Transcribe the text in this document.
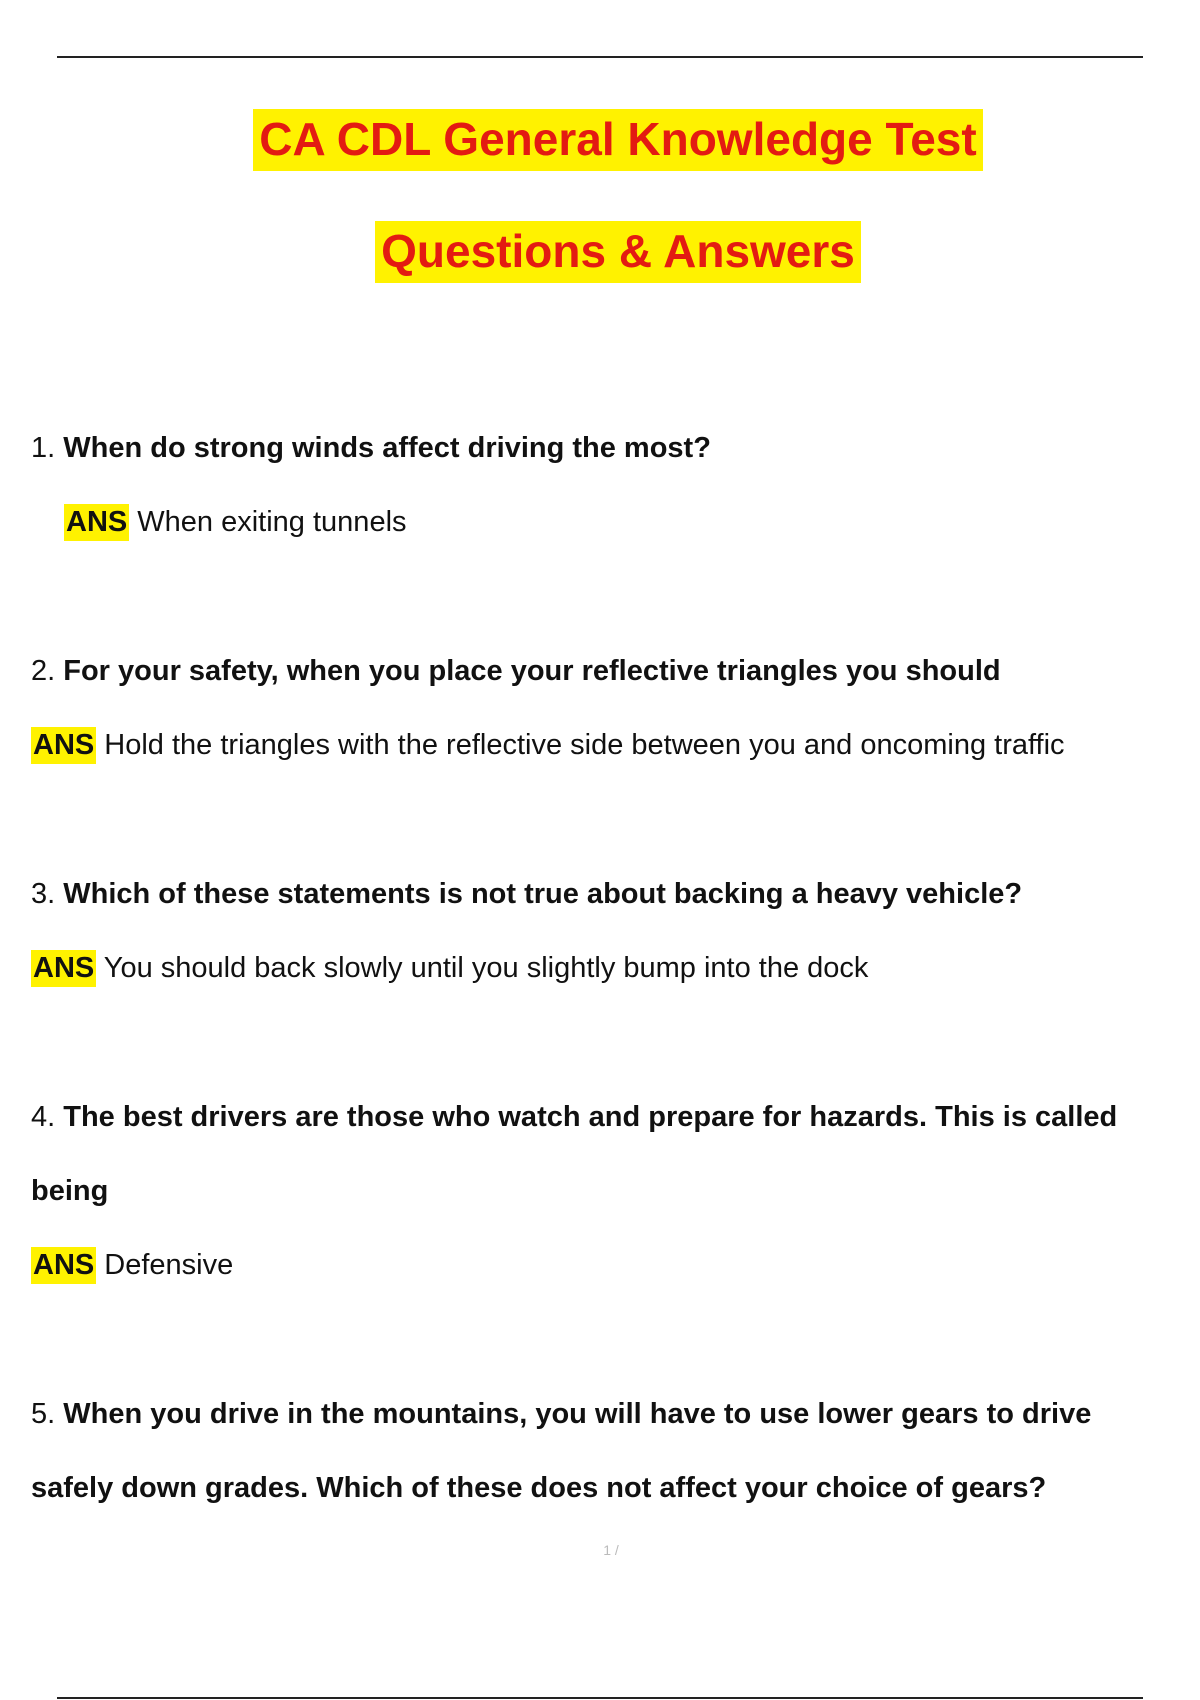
CA CDL General Knowledge Test
Questions & Answers
1. When do strong winds affect driving the most?
ANS When exiting tunnels
2. For your safety, when you place your reflective triangles you should
ANS Hold the triangles with the reflective side between you and oncoming traffic
3. Which of these statements is not true about backing a heavy vehicle?
ANS You should back slowly until you slightly bump into the dock
4. The best drivers are those who watch and prepare for hazards. This is called
being
ANS Defensive
5. When you drive in the mountains, you will have to use lower gears to drive
safely down grades. Which of these does not affect your choice of gears?
1 /
